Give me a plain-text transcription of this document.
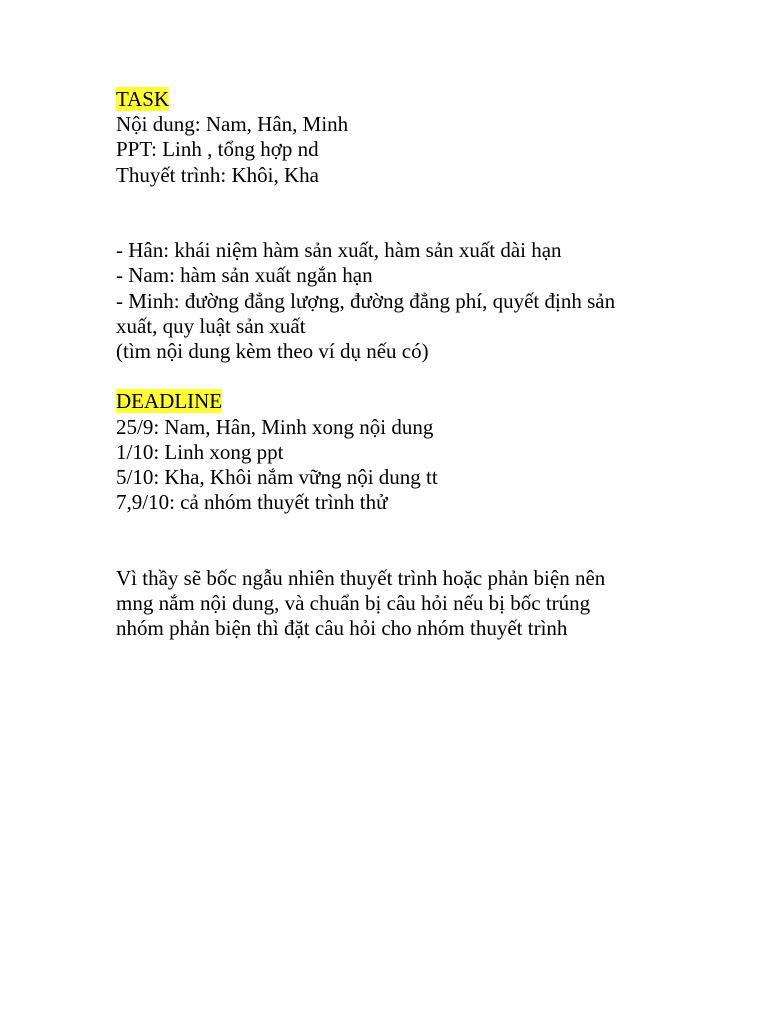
TASK
Nội dung: Nam, Hân, Minh
PPT: Linh , tổng hợp nd
Thuyết trình: Khôi, Kha
- Hân: khái niệm hàm sản xuất, hàm sản xuất dài hạn
- Nam: hàm sản xuất ngắn hạn
- Minh: đường đẳng lượng, đường đẳng phí, quyết định sản xuất, quy luật sản xuất
(tìm nội dung kèm theo ví dụ nếu có)
DEADLINE
25/9: Nam, Hân, Minh xong nội dung
1/10: Linh xong ppt
5/10: Kha, Khôi nắm vững nội dung tt
7,9/10: cả nhóm thuyết trình thử
Vì thầy sẽ bốc ngẫu nhiên thuyết trình hoặc phản biện nên mng nắm nội dung, và chuẩn bị câu hỏi nếu bị bốc trúng nhóm phản biện thì đặt câu hỏi cho nhóm thuyết trình
